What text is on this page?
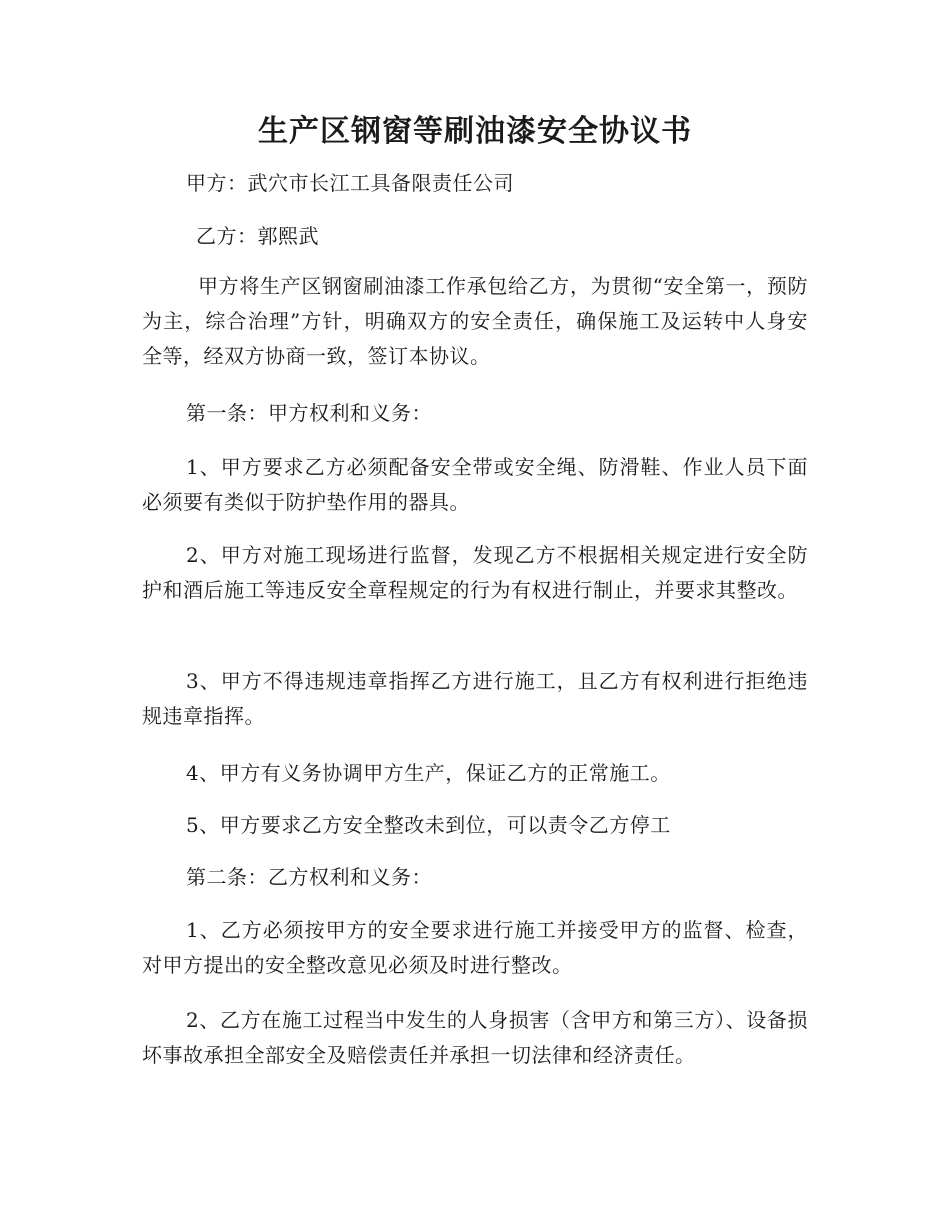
生产区钢窗等刷油漆安全协议书

甲方：武穴市长江工具备限责任公司

乙方：郭熙武

甲方将生产区钢窗刷油漆工作承包给乙方，为贯彻“安全第一，预防为主，综合治理”方针，明确双方的安全责任，确保施工及运转中人身安全等，经双方协商一致，签订本协议。

第一条：甲方权利和义务：

1、甲方要求乙方必须配备安全带或安全绳、防滑鞋、作业人员下面必须要有类似于防护垫作用的器具。

2、甲方对施工现场进行监督，发现乙方不根据相关规定进行安全防护和酒后施工等违反安全章程规定的行为有权进行制止，并要求其整改。

3、甲方不得违规违章指挥乙方进行施工，且乙方有权利进行拒绝违规违章指挥。

4、甲方有义务协调甲方生产，保证乙方的正常施工。

5、甲方要求乙方安全整改未到位，可以责令乙方停工

第二条：乙方权利和义务：

1、乙方必须按甲方的安全要求进行施工并接受甲方的监督、检查，对甲方提出的安全整改意见必须及时进行整改。

2、乙方在施工过程当中发生的人身损害（含甲方和第三方）、设备损坏事故承担全部安全及赔偿责任并承担一切法律和经济责任。
